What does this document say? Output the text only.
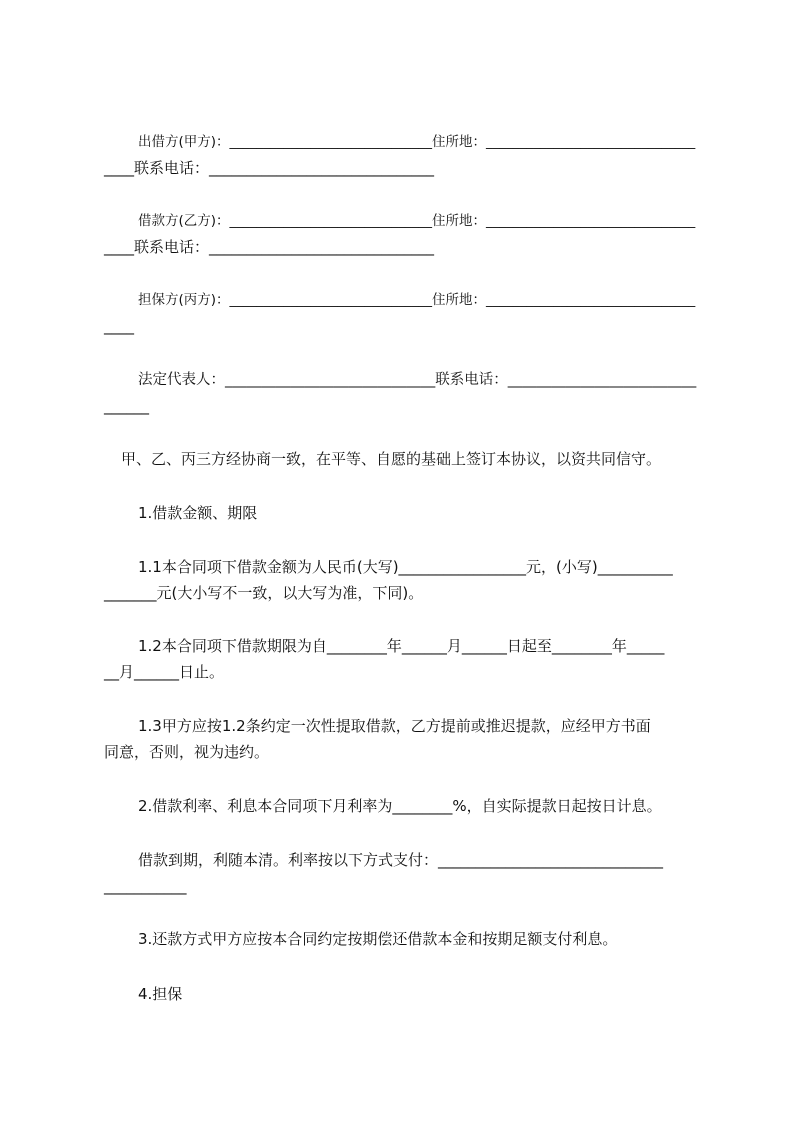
出借方(甲方)：______________________________住所地：_______________________________

____联系电话：______________________________

借款方(乙方)：______________________________住所地：_______________________________

____联系电话：______________________________

担保方(丙方)：______________________________住所地：_______________________________

____

法定代表人：_____________________________联系电话：__________________________

______

甲、乙、丙三方经协商一致，在平等、自愿的基础上签订本协议，以资共同信守。

1.借款金额、期限

1.1本合同项下借款金额为人民币(大写)_________________元，(小写)__________

_______元(大小写不一致，以大写为准，下同)。

1.2本合同项下借款期限为自________年______月______日起至________年_____

__月______日止。

1.3甲方应按1.2条约定一次性提取借款，乙方提前或推迟提款，应经甲方书面

同意，否则，视为违约。

2.借款利率、利息本合同项下月利率为________%，自实际提款日起按日计息。

借款到期，利随本清。利率按以下方式支付：______________________________

___________

3.还款方式甲方应按本合同约定按期偿还借款本金和按期足额支付利息。

4.担保
